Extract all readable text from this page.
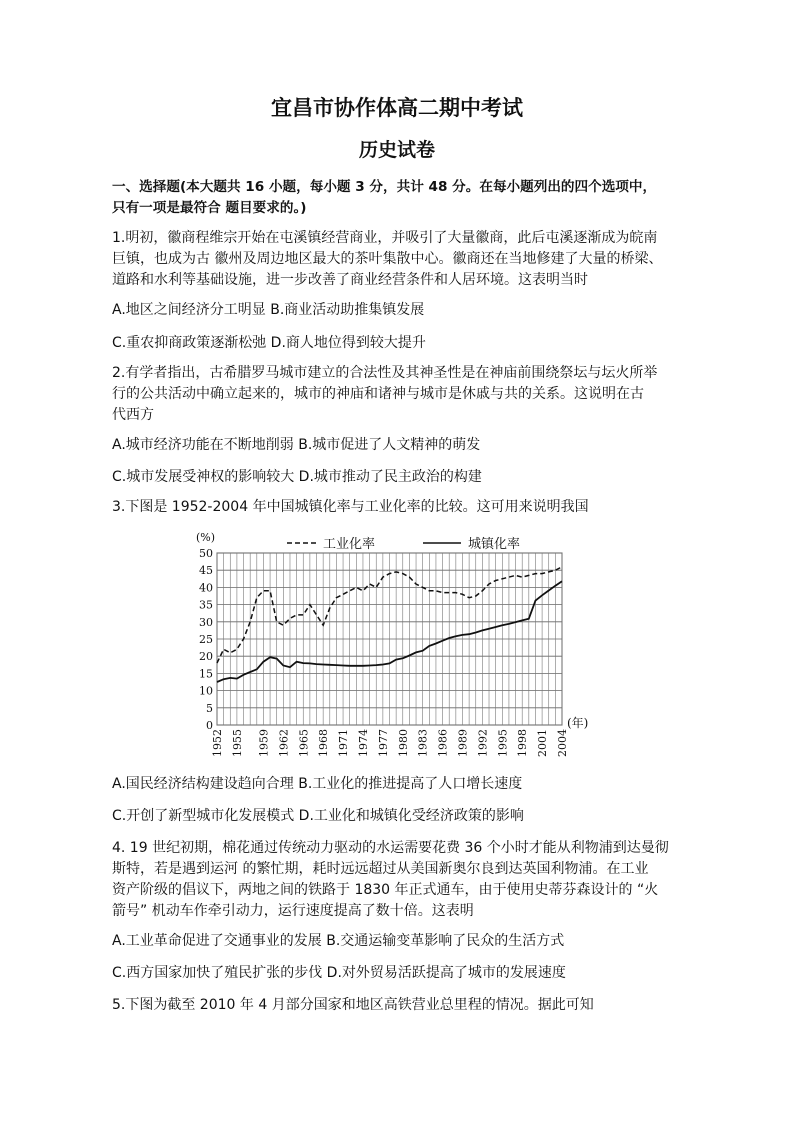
宜昌市协作体高二期中考试
历史试卷
一、选择题(本大题共 16 小题，每小题 3 分，共计 48 分。在每小题列出的四个选项中，
只有一项是最符合 题目要求的。)
1.明初，徽商程维宗开始在屯溪镇经营商业，并吸引了大量徽商，此后屯溪逐渐成为皖南
巨镇，也成为古 徽州及周边地区最大的茶叶集散中心。徽商还在当地修建了大量的桥梁、
道路和水利等基础设施，进一步改善了商业经营条件和人居环境。这表明当时
A.地区之间经济分工明显 B.商业活动助推集镇发展
C.重农抑商政策逐渐松弛 D.商人地位得到较大提升
2.有学者指出，古希腊罗马城市建立的合法性及其神圣性是在神庙前围绕祭坛与坛火所举
行的公共活动中确立起来的，城市的神庙和诸神与城市是休戚与共的关系。这说明在古
代西方
A.城市经济功能在不断地削弱 B.城市促进了人文精神的萌发
C.城市发展受神权的影响较大 D.城市推动了民主政治的构建
3.下图是 1952-2004 年中国城镇化率与工业化率的比较。这可用来说明我国
0
5
10
15
20
25
30
35
40
45
50
1952 1955 1959 1962 1965 1968 1971 1974 1977 1980 1983 1986 1989 1992 1995 1998 2001 2004
(%)
(年)
工业化率	城镇化率
A.国民经济结构建设趋向合理 B.工业化的推进提高了人口增长速度
C.开创了新型城市化发展模式 D.工业化和城镇化受经济政策的影响
4. 19 世纪初期，棉花通过传统动力驱动的水运需要花费 36 个小时才能从利物浦到达曼彻
斯特，若是遇到运河 的繁忙期，耗时远远超过从美国新奥尔良到达英国利物浦。在工业
资产阶级的倡议下，两地之间的铁路于 1830 年正式通车，由于使用史蒂芬森设计的 “火
箭号” 机动车作牵引动力，运行速度提高了数十倍。这表明
A.工业革命促进了交通事业的发展 B.交通运输变革影响了民众的生活方式
C.西方国家加快了殖民扩张的步伐 D.对外贸易活跃提高了城市的发展速度
5.下图为截至 2010 年 4 月部分国家和地区高铁营业总里程的情况。据此可知
